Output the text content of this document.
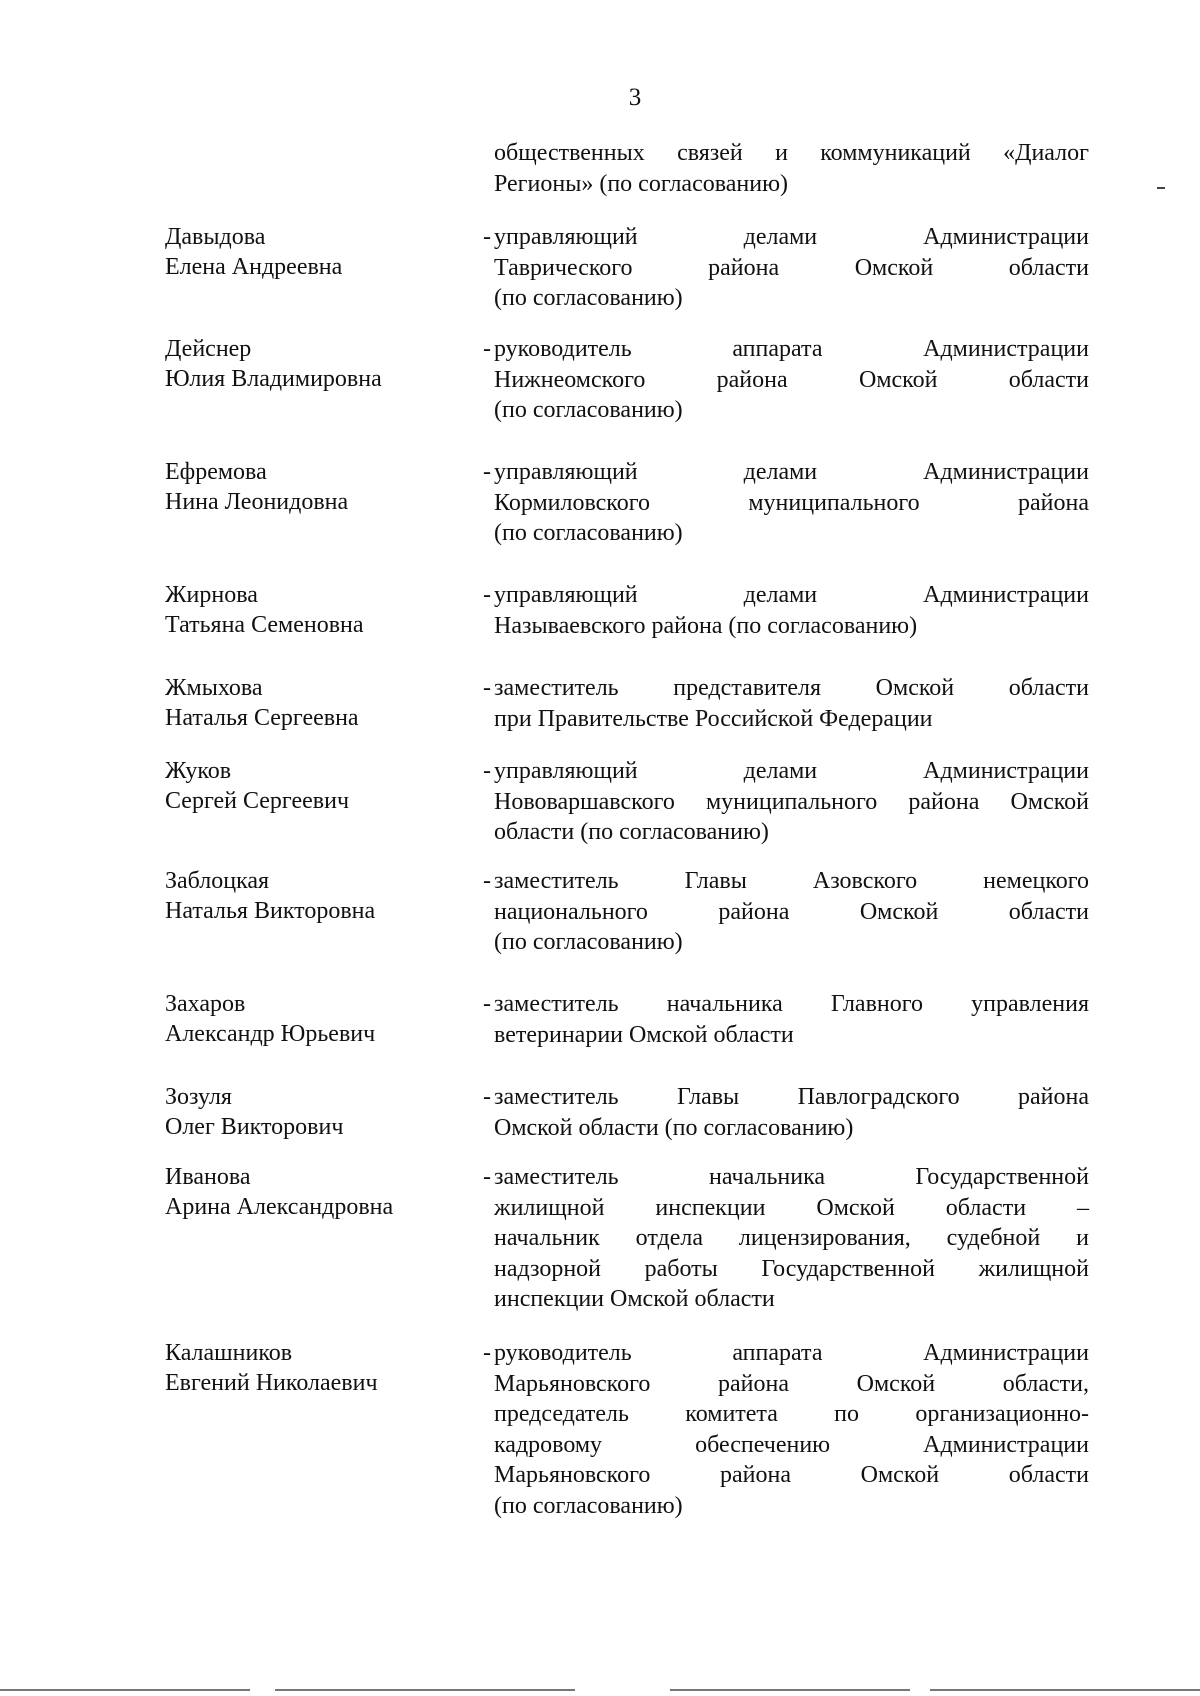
3
общественных связей и коммуникаций «Диалог
Регионы» (по согласованию)
Давыдова
Елена Андреевна
- управляющий делами Администрации
Таврического района Омской области
(по согласованию)
Дейснер
Юлия Владимировна
- руководитель аппарата Администрации
Нижнеомского района Омской области
(по согласованию)
Ефремова
Нина Леонидовна
- управляющий делами Администрации
Кормиловского муниципального района
(по согласованию)
Жирнова
Татьяна Семеновна
- управляющий делами Администрации
Называевского района (по согласованию)
Жмыхова
Наталья Сергеевна
- заместитель представителя Омской области
при Правительстве Российской Федерации
Жуков
Сергей Сергеевич
- управляющий делами Администрации
Нововаршавского муниципального района Омской
области (по согласованию)
Заблоцкая
Наталья Викторовна
- заместитель Главы Азовского немецкого
национального района Омской области
(по согласованию)
Захаров
Александр Юрьевич
- заместитель начальника Главного управления
ветеринарии Омской области
Зозуля
Олег Викторович
- заместитель Главы Павлоградского района
Омской области (по согласованию)
Иванова
Арина Александровна
- заместитель начальника Государственной
жилищной инспекции Омской области –
начальник отдела лицензирования, судебной и
надзорной работы Государственной жилищной
инспекции Омской области
Калашников
Евгений Николаевич
- руководитель аппарата Администрации
Марьяновского района Омской области,
председатель комитета по организационно-
кадровому обеспечению Администрации
Марьяновского района Омской области
(по согласованию)
